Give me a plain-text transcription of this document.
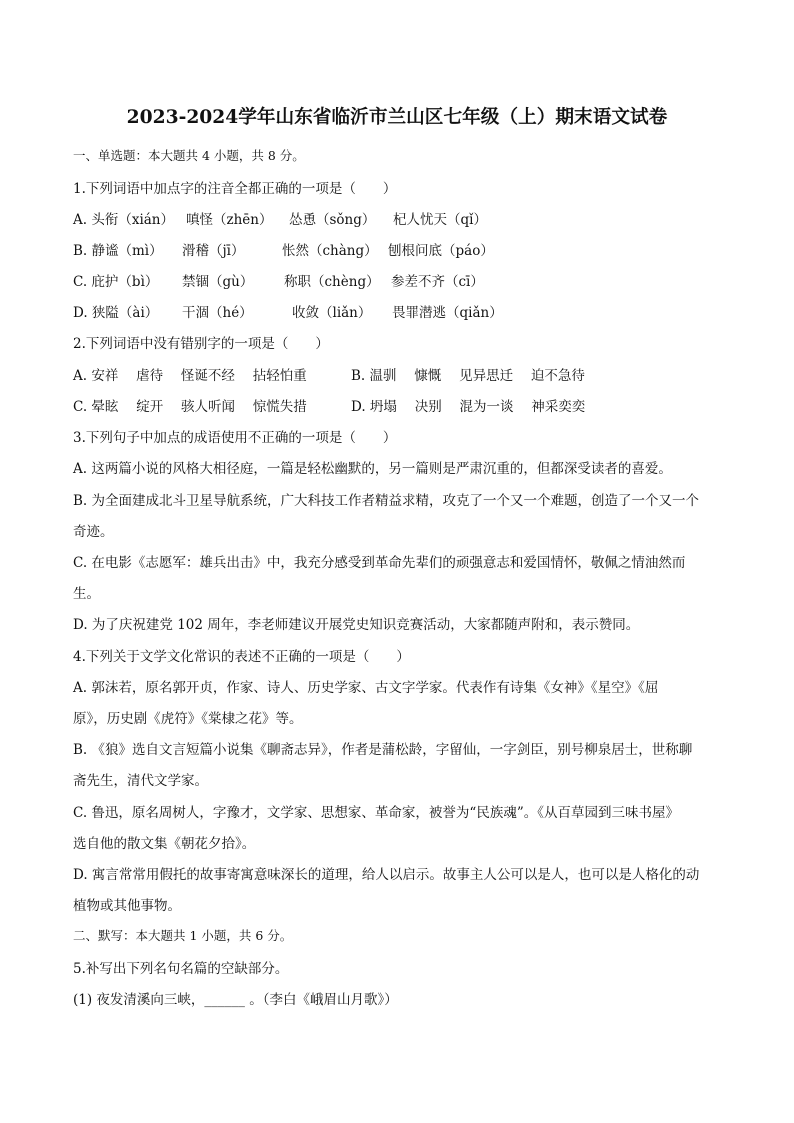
2023-2024学年山东省临沂市兰山区七年级（上）期末语文试卷
一、单选题：本大题共 4 小题，共 8 分。
1.下列词语中加点字的注音全都正确的一项是（　　）
A. 头衔（xián） 嗔怪（zhēn） 怂恿（sǒng） 杞人忧天（qǐ）
B. 静谧（mì） 滑稽（jī）	怅然（chàng） 刨根问底（páo）
C. 庇护（bì） 禁锢（gù） 称职（chèng） 参差不齐（cī）
D. 狭隘（ài） 干涸（hé）	收敛（liǎn） 畏罪潜逃（qiǎn）
2.下列词语中没有错别字的一项是（　　）
A. 安祥　 虐待　 怪诞不经　 拈轻怕重	B. 温驯　 慷慨　 见异思迁　 迫不急待
C. 晕眩　 绽开　 骇人听闻　 惊慌失措	D. 坍塌　 决别　 混为一谈　 神采奕奕
3.下列句子中加点的成语使用不正确的一项是（　　）
A. 这两篇小说的风格大相径庭，一篇是轻松幽默的，另一篇则是严肃沉重的，但都深受读者的喜爱。
B. 为全面建成北斗卫星导航系统，广大科技工作者精益求精，攻克了一个又一个难题，创造了一个又一个
奇迹。
C. 在电影《志愿军：雄兵出击》中，我充分感受到革命先辈们的顽强意志和爱国情怀，敬佩之情油然而
生。
D. 为了庆祝建党 102 周年，李老师建议开展党史知识竞赛活动，大家都随声附和，表示赞同。
4.下列关于文学文化常识的表述不正确的一项是（　　）
A. 郭沫若，原名郭开贞，作家、诗人、历史学家、古文字学家。代表作有诗集《女神》《星空》《屈
原》，历史剧《虎符》《棠棣之花》等。
B. 《狼》选自文言短篇小说集《聊斋志异》，作者是蒲松龄，字留仙，一字剑臣，别号柳泉居士，世称聊
斋先生，清代文学家。
C. 鲁迅，原名周树人，字豫才，文学家、思想家、革命家，被誉为“民族魂”。《从百草园到三味书屋》
选自他的散文集《朝花夕拾》。
D. 寓言常常用假托的故事寄寓意味深长的道理，给人以启示。故事主人公可以是人，也可以是人格化的动
植物或其他事物。
二、默写：本大题共 1 小题，共 6 分。
5.补写出下列名句名篇的空缺部分。
(1) 夜发清溪向三峡，______ 。（李白《峨眉山月歌》）
